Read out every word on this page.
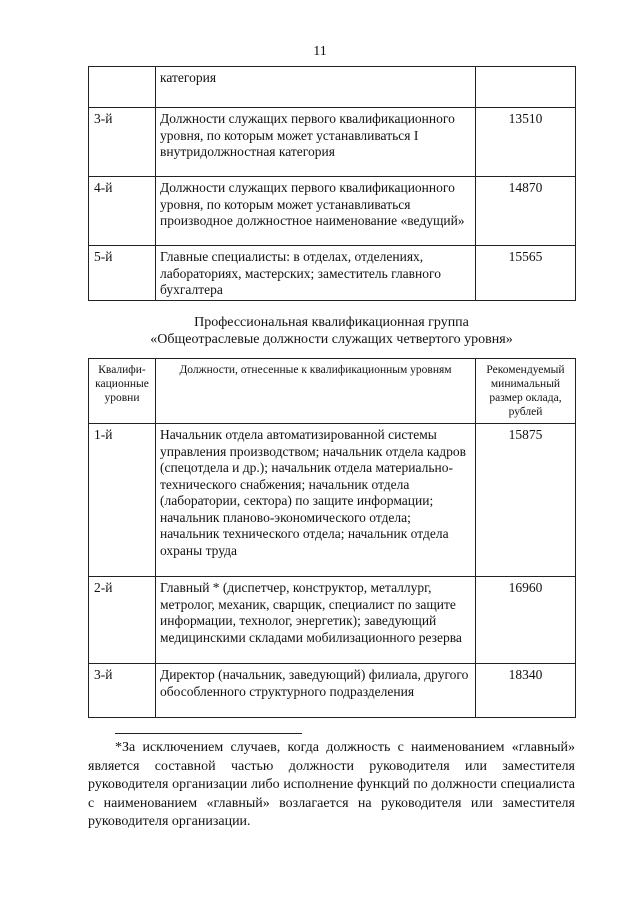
11
	категория	
3-й	Должности служащих первого квалификационного уровня, по которым может устанавливаться I внутридолжностная категория	13510
4-й	Должности служащих первого квалификационного уровня, по которым может устанавливаться производное должностное наименование «ведущий»	14870
5-й	Главные специалисты: в отделах, отделениях, лабораториях, мастерских; заместитель главного бухгалтера	15565
Профессиональная квалификационная группа
«Общеотраслевые должности служащих четвертого уровня»
Квалифи-кационные уровни	Должности, отнесенные к квалификационным уровням	Рекомендуемый минимальный размер оклада, рублей
1-й	Начальник отдела автоматизированной системы управления производством; начальник отдела кадров (спецотдела и др.); начальник отдела материально-технического снабжения; начальник отдела (лаборатории, сектора) по защите информации; начальник планово-экономического отдела; начальник технического отдела; начальник отдела охраны труда	15875
2-й	Главный * (диспетчер, конструктор, металлург, метролог, механик, сварщик, специалист по защите информации, технолог, энергетик); заведующий медицинскими складами мобилизационного резерва	16960
3-й	Директор (начальник, заведующий) филиала, другого обособленного структурного подразделения	18340
*За исключением случаев, когда должность с наименованием «главный» является составной частью должности руководителя или заместителя руководителя организации либо исполнение функций по должности специалиста с наименованием «главный» возлагается на руководителя или заместителя руководителя организации.
